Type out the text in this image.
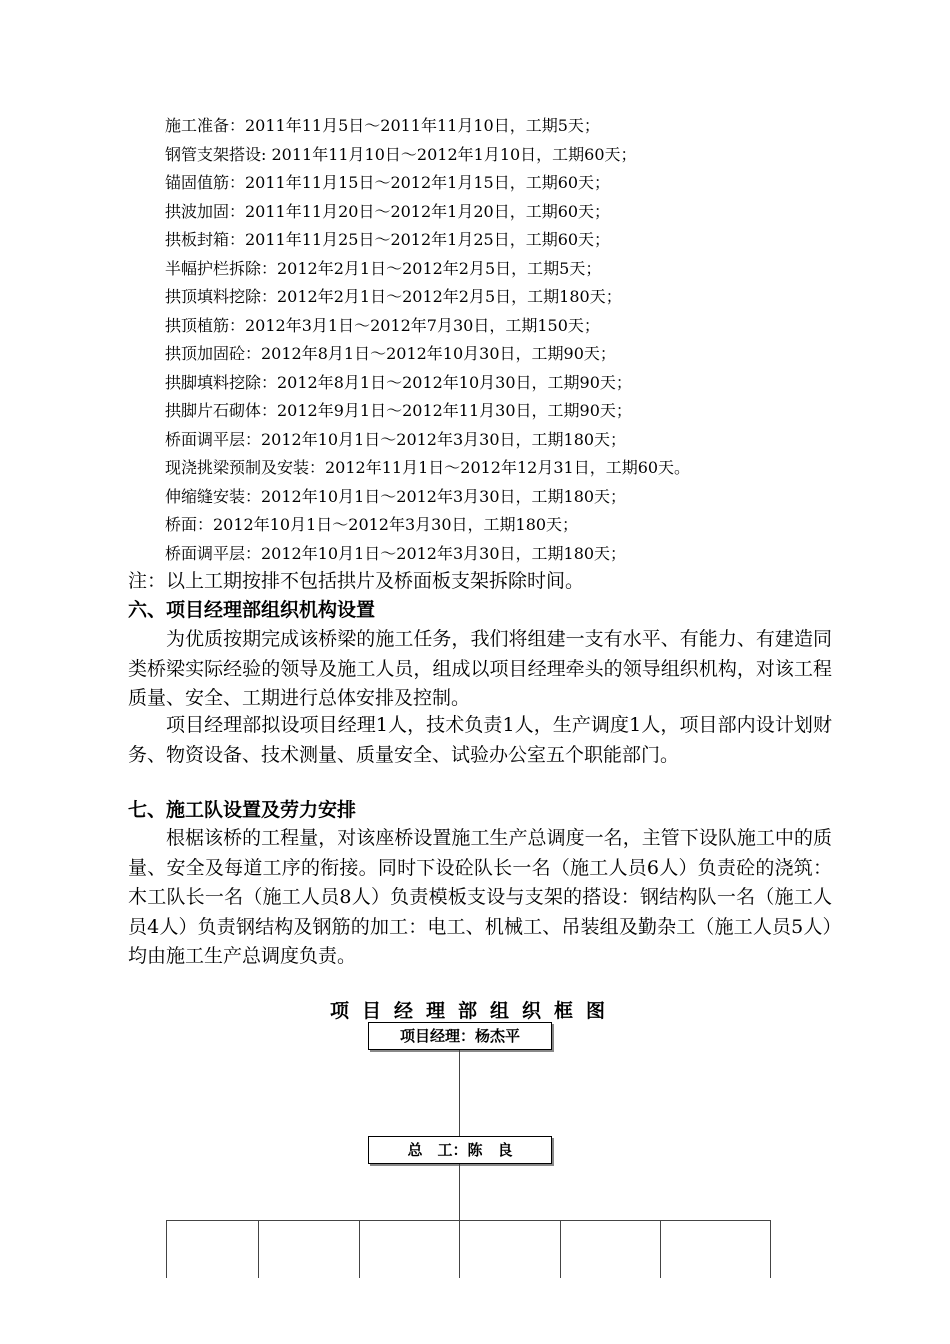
施工准备：2011年11月5日～2011年11月10日，工期5天；
钢管支架搭设: 2011年11月10日～2012年1月10日，工期60天；
锚固值筋：2011年11月15日～2012年1月15日，工期60天；
拱波加固：2011年11月20日～2012年1月20日，工期60天；
拱板封箱：2011年11月25日～2012年1月25日，工期60天；
半幅护栏拆除：2012年2月1日～2012年2月5日，工期5天；
拱顶填料挖除：2012年2月1日～2012年2月5日，工期180天；
拱顶植筋：2012年3月1日～2012年7月30日，工期150天；
拱顶加固砼：2012年8月1日～2012年10月30日，工期90天；
拱脚填料挖除：2012年8月1日～2012年10月30日，工期90天；
拱脚片石砌体：2012年9月1日～2012年11月30日，工期90天；
桥面调平层：2012年10月1日～2012年3月30日，工期180天；
现浇挑梁预制及安装：2012年11月1日～2012年12月31日，工期60天。
伸缩缝安装：2012年10月1日～2012年3月30日，工期180天；
桥面：2012年10月1日～2012年3月30日，工期180天；
桥面调平层：2012年10月1日～2012年3月30日，工期180天；
注：以上工期按排不包括拱片及桥面板支架拆除时间。
六、项目经理部组织机构设置
为优质按期完成该桥梁的施工任务，我们将组建一支有水平、有能力、有建造同类桥梁实际经验的领导及施工人员，组成以项目经理牵头的领导组织机构，对该工程质量、安全、工期进行总体安排及控制。
项目经理部拟设项目经理1人，技术负责1人，生产调度1人，项目部内设计划财务、物资设备、技术测量、质量安全、试验办公室五个职能部门。
七、施工队设置及劳力安排
根椐该桥的工程量，对该座桥设置施工生产总调度一名，主管下设队施工中的质量、安全及每道工序的衔接。同时下设砼队长一名（施工人员6人）负责砼的浇筑：木工队长一名（施工人员8人）负责模板支设与支架的搭设：钢结构队一名（施工人员4人）负责钢结构及钢筋的加工：电工、机械工、吊装组及勤杂工（施工人员5人）均由施工生产总调度负责。
项目经理部组织框图
项目经理：杨杰平
总　工：陈　良
